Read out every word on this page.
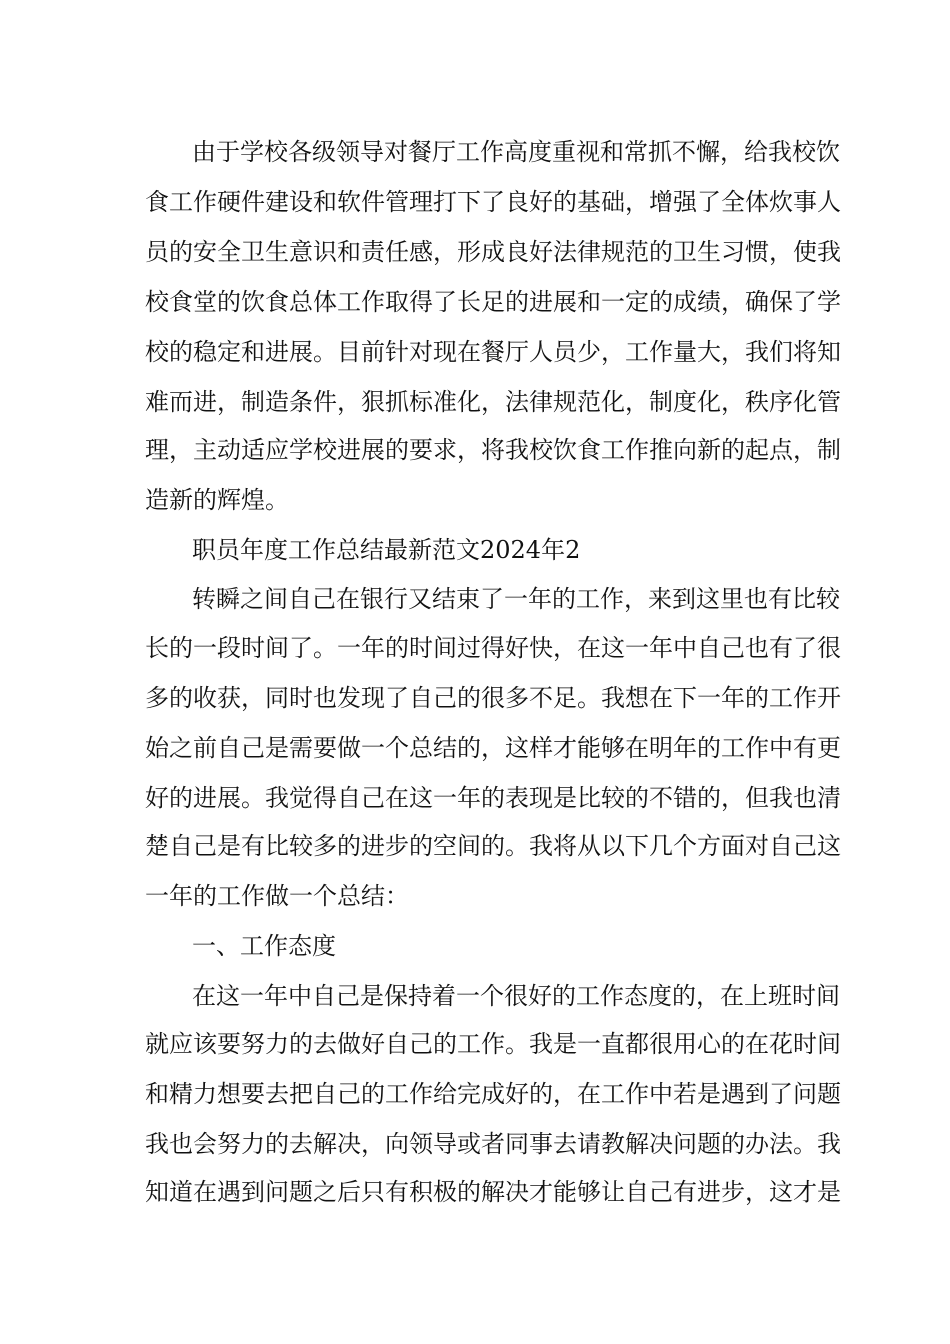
由于学校各级领导对餐厅工作高度重视和常抓不懈，给我校饮
食工作硬件建设和软件管理打下了良好的基础，增强了全体炊事人
员的安全卫生意识和责任感，形成良好法律规范的卫生习惯，使我
校食堂的饮食总体工作取得了长足的进展和一定的成绩，确保了学
校的稳定和进展。目前针对现在餐厅人员少，工作量大，我们将知
难而进，制造条件，狠抓标准化，法律规范化，制度化，秩序化管
理，主动适应学校进展的要求，将我校饮食工作推向新的起点，制
造新的辉煌。
职员年度工作总结最新范文2024年2
转瞬之间自己在银行又结束了一年的工作，来到这里也有比较
长的一段时间了。一年的时间过得好快，在这一年中自己也有了很
多的收获，同时也发现了自己的很多不足。我想在下一年的工作开
始之前自己是需要做一个总结的，这样才能够在明年的工作中有更
好的进展。我觉得自己在这一年的表现是比较的不错的，但我也清
楚自己是有比较多的进步的空间的。我将从以下几个方面对自己这
一年的工作做一个总结：
一、工作态度
在这一年中自己是保持着一个很好的工作态度的，在上班时间
就应该要努力的去做好自己的工作。我是一直都很用心的在花时间
和精力想要去把自己的工作给完成好的，在工作中若是遇到了问题
我也会努力的去解决，向领导或者同事去请教解决问题的办法。我
知道在遇到问题之后只有积极的解决才能够让自己有进步，这才是
